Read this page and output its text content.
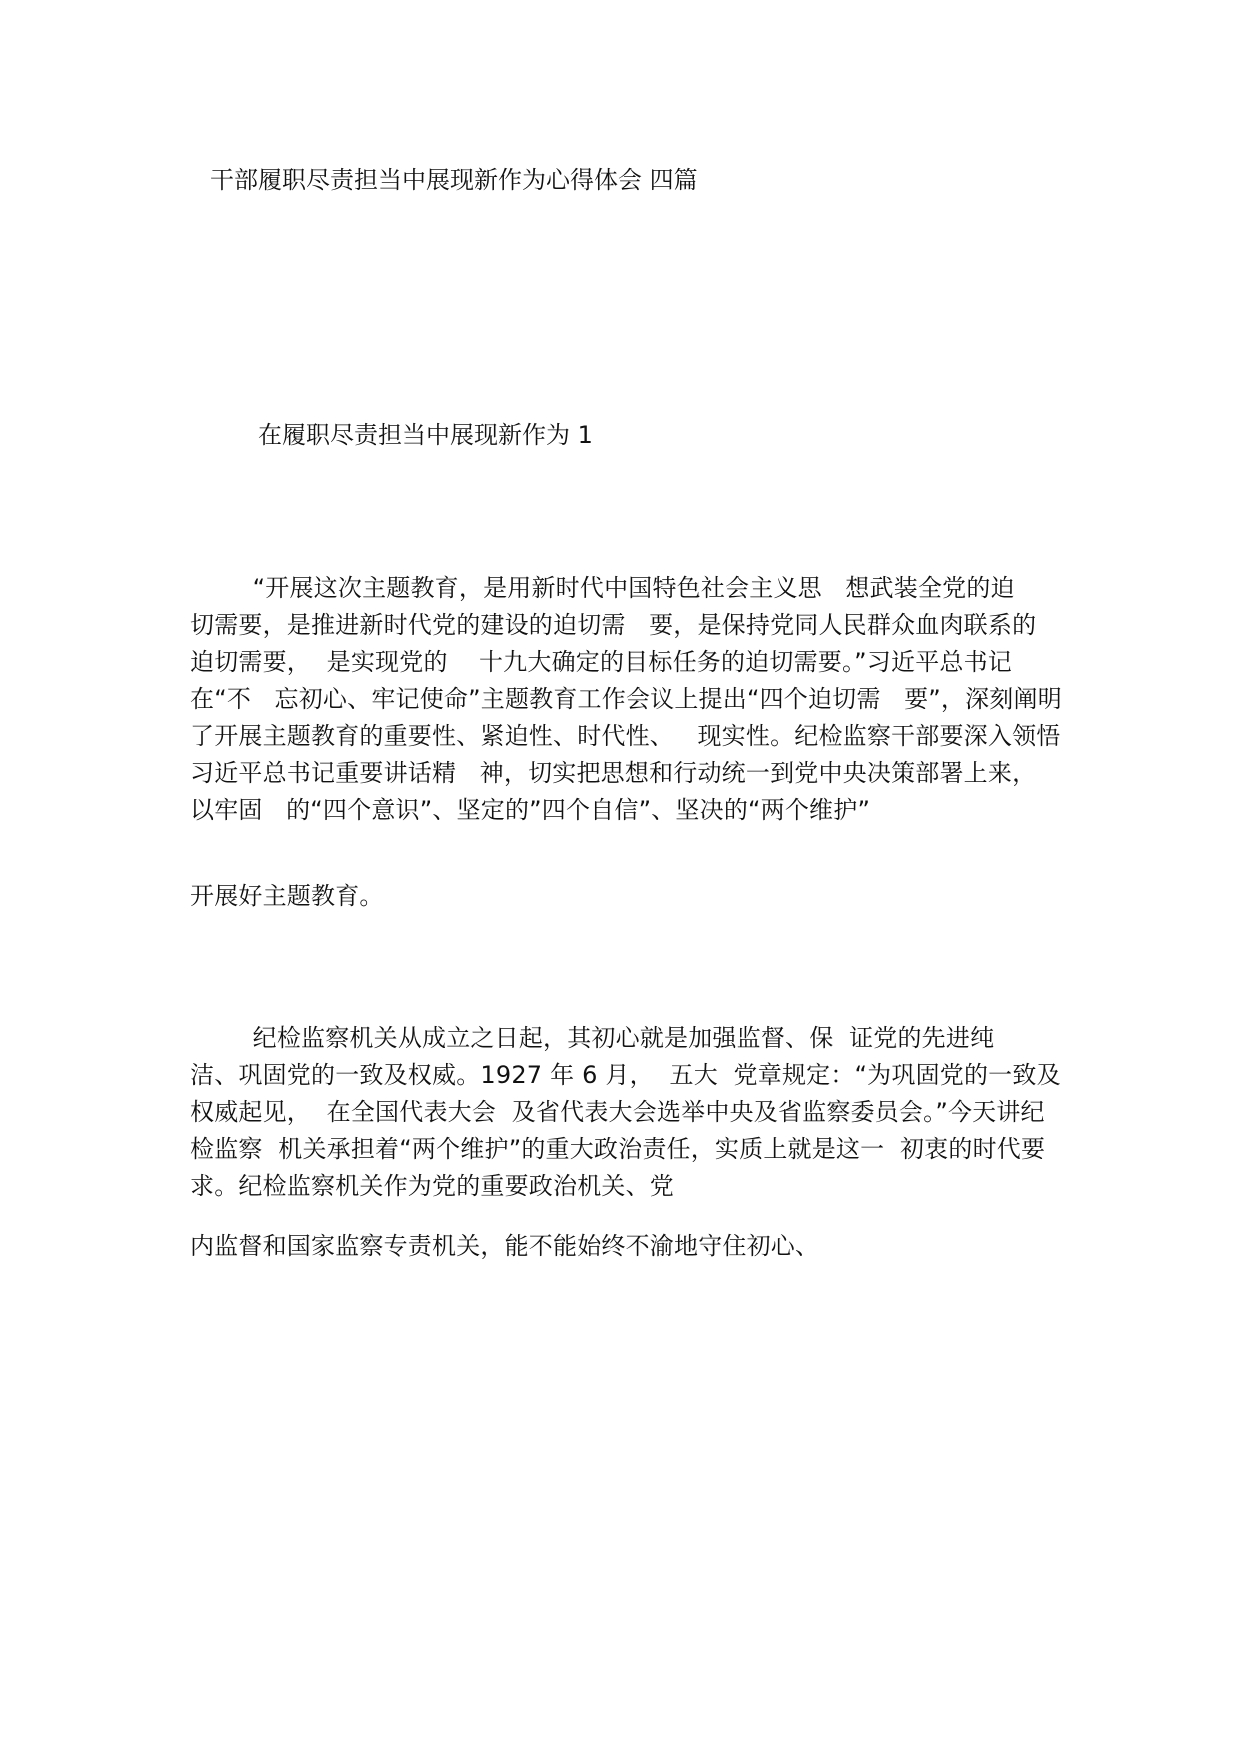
干部履职尽责担当中展现新作为心得体会 四篇
在履职尽责担当中展现新作为 1
“开展这次主题教育，是用新时代中国特色社会主义思   想武装全党的迫
切需要，是推进新时代党的建设的迫切需   要，是保持党同人民群众血肉联系的
迫切需要，  是实现党的    十九大确定的目标任务的迫切需要。”习近平总书记
在“不   忘初心、牢记使命”主题教育工作会议上提出“四个迫切需   要”，深刻阐明
了开展主题教育的重要性、紧迫性、时代性、   现实性。纪检监察干部要深入领悟
习近平总书记重要讲话精   神，切实把思想和行动统一到党中央决策部署上来，
以牢固   的“四个意识”、坚定的”四个自信”、坚决的“两个维护”
开展好主题教育。
纪检监察机关从成立之日起，其初心就是加强监督、保  证党的先进纯
洁、巩固党的一致及权威。1927 年 6 月，  五大  党章规定：“为巩固党的一致及
权威起见，  在全国代表大会  及省代表大会选举中央及省监察委员会。”今天讲纪
检监察  机关承担着“两个维护”的重大政治责任，实质上就是这一  初衷的时代要
求。纪检监察机关作为党的重要政治机关、党
内监督和国家监察专责机关，能不能始终不渝地守住初心、
